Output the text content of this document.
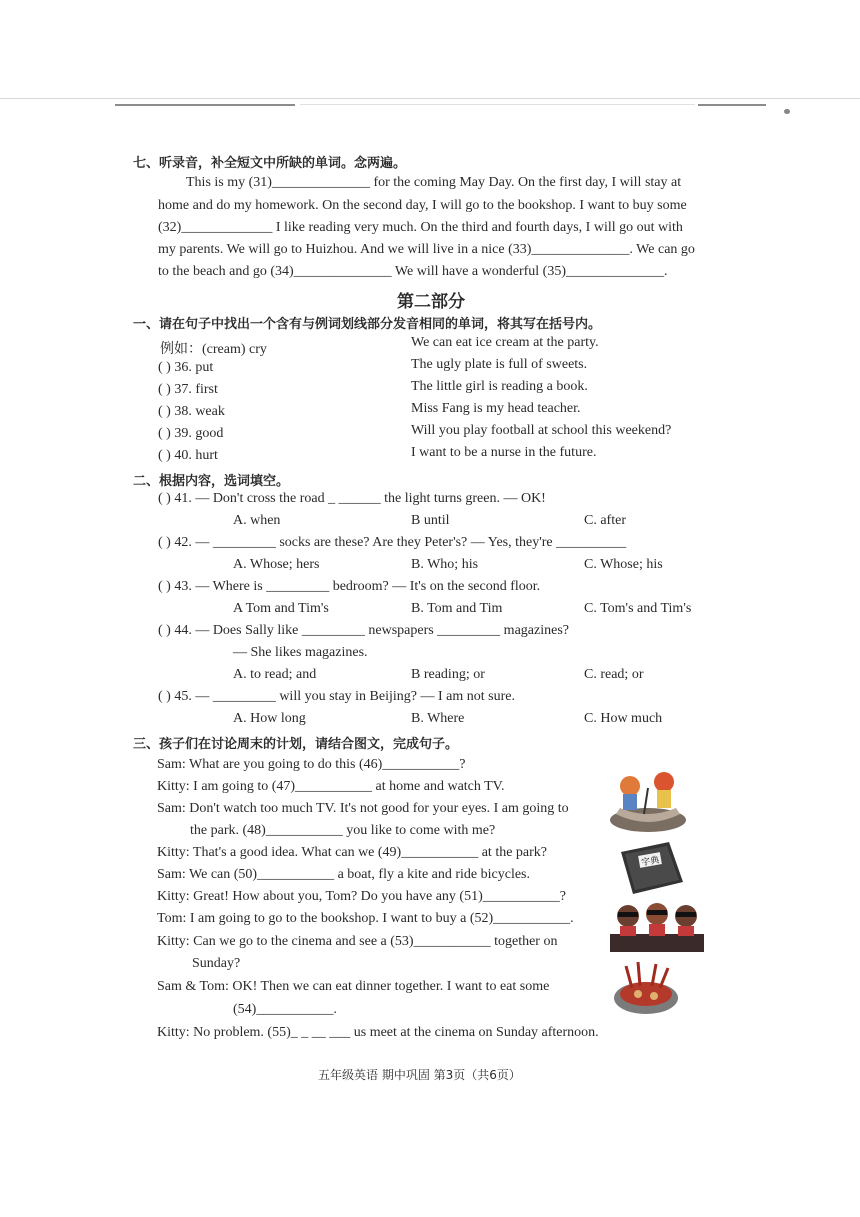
七、听录音，补全短文中所缺的单词。念两遍。
This is my (31)______________ for the coming May Day. On the first day, I will stay at
home and do my homework. On the second day, I will go to the bookshop. I want to buy some
(32)_____________ I like reading very much. On the third and fourth days, I will go out with
my parents. We will go to Huizhou. And we will live in a nice (33)______________. We can go
to the beach and go (34)______________ We will have a wonderful (35)______________.
第二部分
一、请在句子中找出一个含有与例词划线部分发音相同的单词，将其写在括号内。
例如：(cream) cry	We can eat ice cream at the party.
( ) 36. put	The ugly plate is full of sweets.
( ) 37. first	The little girl is reading a book.
( ) 38. weak	Miss Fang is my head teacher.
( ) 39. good	Will you play football at school this weekend?
( ) 40. hurt	I want to be a nurse in the future.
二、根据内容，选词填空。
( ) 41. — Don't cross the road _ ______ the light turns green. — OK!
A. when	B until	C. after
( ) 42. — _________ socks are these? Are they Peter's? — Yes, they're __________
A. Whose; hers	B. Who; his	C. Whose; his
( ) 43. — Where is _________ bedroom? — It's on the second floor.
A Tom and Tim's	B. Tom and Tim	C. Tom's and Tim's
( ) 44. — Does Sally like _________ newspapers _________ magazines?
— She likes magazines.
A. to read; and	B reading; or	C. read; or
( ) 45. — _________ will you stay in Beijing? — I am not sure.
A. How long	B. Where	C. How much
三、孩子们在讨论周末的计划，请结合图文，完成句子。
Sam: What are you going to do this (46)___________?
Kitty: I am going to (47)___________ at home and watch TV.
Sam: Don't watch too much TV. It's not good for your eyes. I am going to
the park. (48)___________ you like to come with me?
Kitty: That's a good idea. What can we (49)___________ at the park?
Sam: We can (50)___________ a boat, fly a kite and ride bicycles.
Kitty: Great! How about you, Tom? Do you have any (51)___________?
Tom: I am going to go to the bookshop. I want to buy a (52)___________.
Kitty: Can we go to the cinema and see a (53)___________ together on
Sunday?
Sam & Tom: OK! Then we can eat dinner together. I want to eat some
(54)___________.
Kitty: No problem. (55)_ _ __ ___ us meet at the cinema on Sunday afternoon.
字典
五年级英语 期中巩固 第3页（共6页）
